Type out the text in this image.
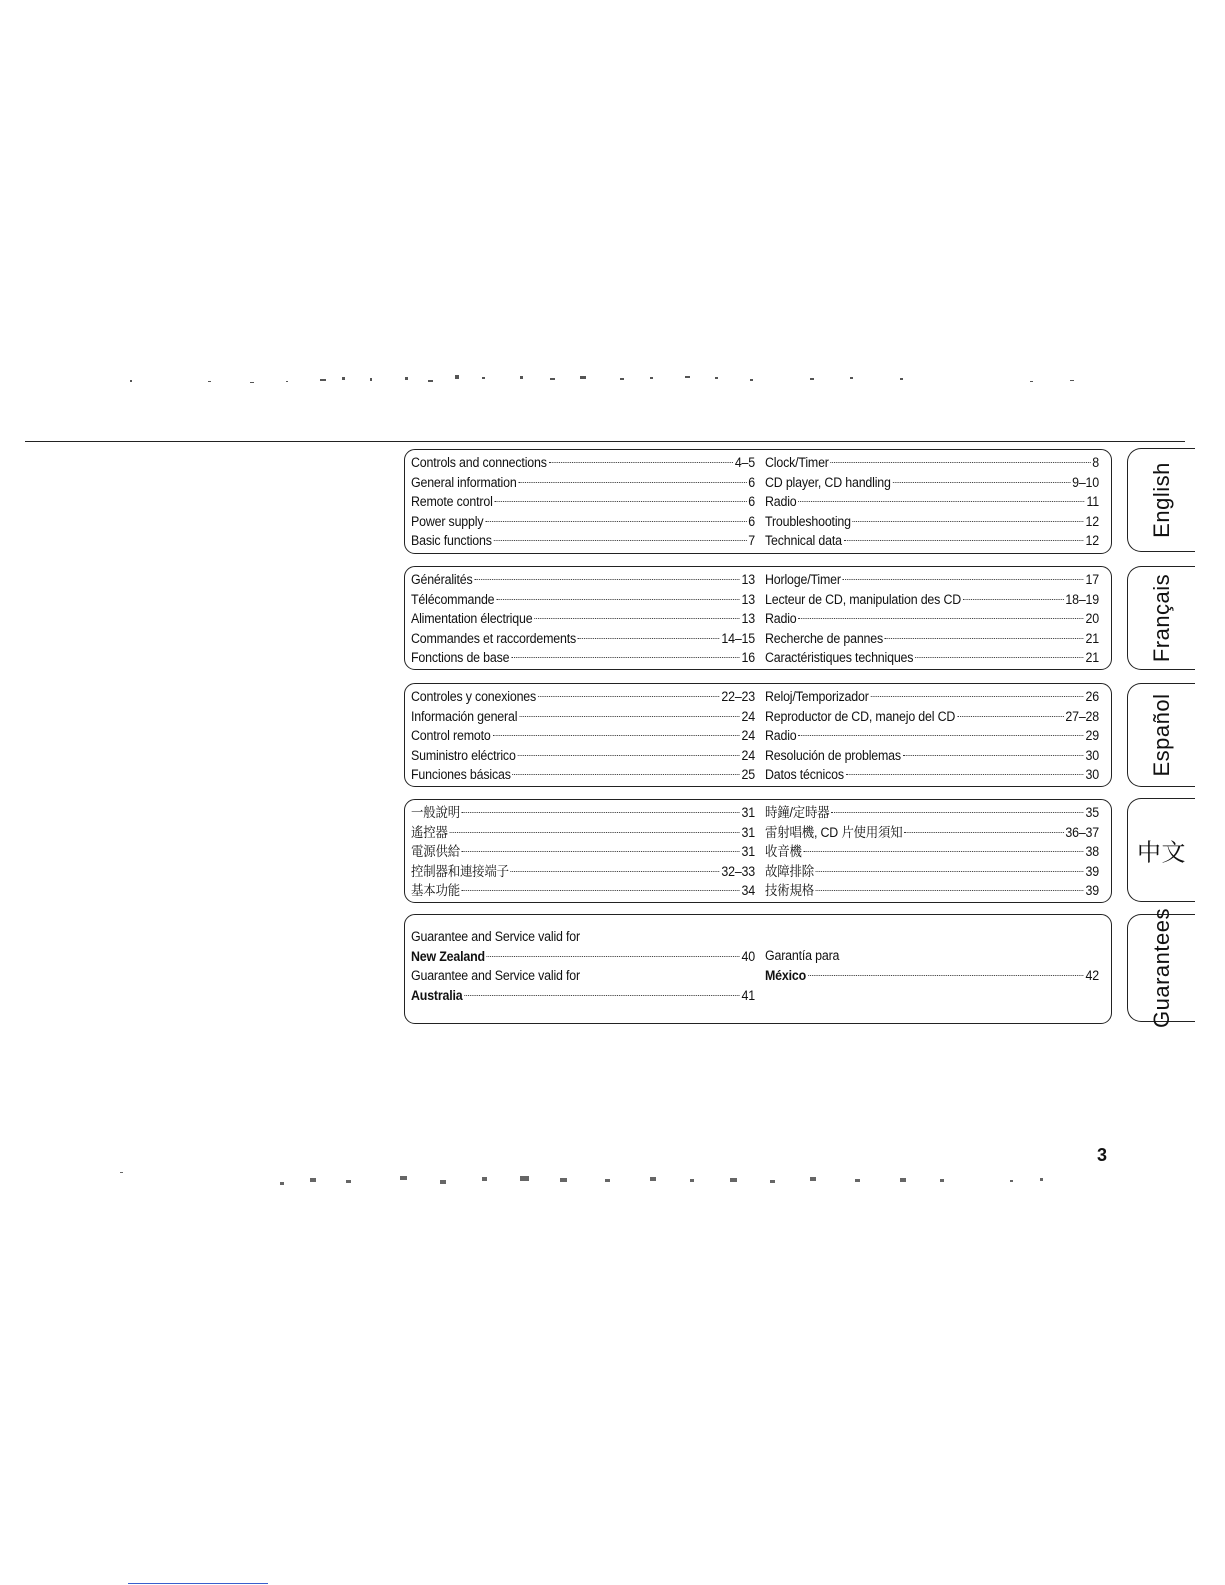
Controls and connections	4–5
General information	6
Remote control	6
Power supply	6
Basic functions	7
Clock/Timer	8
CD player, CD handling	9–10
Radio	11
Troubleshooting	12
Technical data	12
Généralités	13
Télécommande	13
Alimentation électrique	13
Commandes et raccordements	14–15
Fonctions de base	16
Horloge/Timer	17
Lecteur de CD, manipulation des CD	18–19
Radio	20
Recherche de pannes	21
Caractéristiques techniques	21
Controles y conexiones	22–23
Información general	24
Control remoto	24
Suministro eléctrico	24
Funciones básicas	25
Reloj/Temporizador	26
Reproductor de CD, manejo del CD	27–28
Radio	29
Resolución de problemas	30
Datos técnicos	30
一般說明	31
遙控器	31
電源供給	31
控制器和連接端子	32–33
基本功能	34
時鐘/定時器	35
雷射唱機, CD 片使用須知	36–37
收音機	38
故障排除	39
技術規格	39
Guarantee and Service valid for
New Zealand	40
Guarantee and Service valid for
Australia	41
Garantía para
México	42
English
Français
Español
中文
Guarantees
3
